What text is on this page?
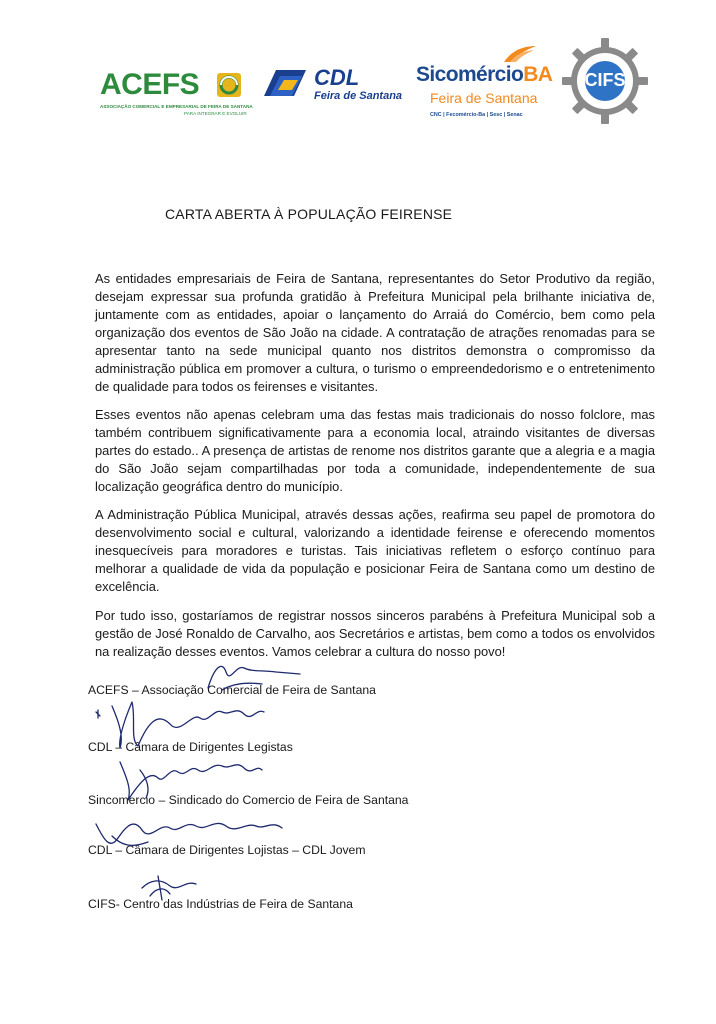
ACEFS
ASSOCIAÇÃO COMERCIAL E EMPRESARIAL DE FEIRA DE SANTANA
PARA INTEGRAR E EVOLUIR
CDL
Feira de Santana
SicomércioBA
Feira de Santana
CNC | Fecomércio-Ba | Sesc | Senac
CIFS
CARTA ABERTA À POPULAÇÃO FEIRENSE

As entidades empresariais de Feira de Santana, representantes do Setor Produtivo da região, desejam expressar sua profunda gratidão à Prefeitura Municipal pela brilhante iniciativa de, juntamente com as entidades, apoiar o lançamento do Arraiá do Comércio, bem como pela organização dos eventos de São João na cidade. A contratação de atrações renomadas para se apresentar tanto na sede municipal quanto nos distritos demonstra o compromisso da administração pública em promover a cultura, o turismo o empreendedorismo e o entretenimento de qualidade para todos os feirenses e visitantes.

Esses eventos não apenas celebram uma das festas mais tradicionais do nosso folclore, mas também contribuem significativamente para a economia local, atraindo visitantes de diversas partes do estado.. A presença de artistas de renome nos distritos garante que a alegria e a magia do São João sejam compartilhadas por toda a comunidade, independentemente de sua localização geográfica dentro do município.

A Administração Pública Municipal, através dessas ações, reafirma seu papel de promotora do desenvolvimento social e cultural, valorizando a identidade feirense e oferecendo momentos inesquecíveis para moradores e turistas. Tais iniciativas refletem o esforço contínuo para melhorar a qualidade de vida da população e posicionar Feira de Santana como um destino de excelência.

Por tudo isso, gostaríamos de registrar nossos sinceros parabéns à Prefeitura Municipal sob a gestão de José Ronaldo de Carvalho, aos Secretários e artistas, bem como a todos os envolvidos na realização desses eventos. Vamos celebrar a cultura do nosso povo!

ACEFS – Associação Comercial de Feira de Santana
CDL – Câmara de Dirigentes Legistas
Sincomercio – Sindicado do Comercio de Feira de Santana
CDL – Câmara de Dirigentes Lojistas – CDL Jovem
CIFS- Centro das Indústrias de Feira de Santana
